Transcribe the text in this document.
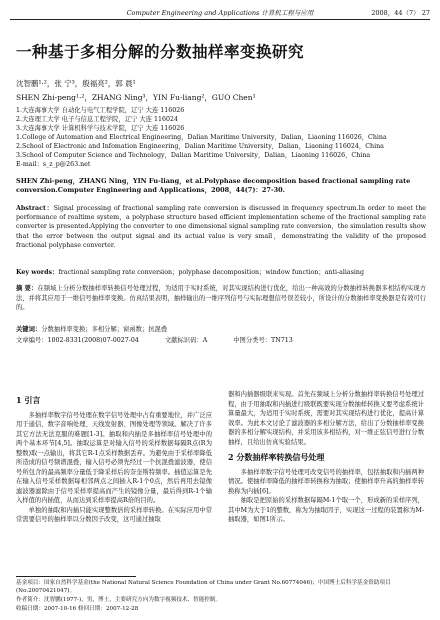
Computer Engineering and Applications 计算机工程与应用	2008，44（7） 27
一种基于多相分解的分数抽样率变换研究
沈智鹏¹·²，张 宁³，殷福亮²，郭 晨¹
SHEN Zhi-peng¹·²，ZHANG Ning³，YIN Fu-liang²，GUO Chen¹
1.大连海事大学 自动化与电气工程学院，辽宁 大连 116026
2.大连理工大学 电子与信息工程学院，辽宁 大连 116024
3.大连海事大学 计算机科学与技术学院，辽宁 大连 116026
1.College of Automation and Electrical Engineering，Dalian Maritime University，Dalian，Liaoning 116026，China
2.School of Electronic and Infomation Engineering，Dalian Maritime University，Dalian，Liaoning 116024，China
3.School of Computer Science and Technology，Dalian Maritime University，Dalian，Liaoning 116026，China
E-mail：s_z_p@263.net
SHEN Zhi-peng，ZHANG Ning，YIN Fu-liang，et al.Polyphase decomposition based fractional sampling rate conversion.Computer Engineering and Applications，2008，44(7)：27-30.
Abstract：Signal processing of fractional sampling rate conversion is discussed in frequency spectrum.In order to meet the performance of realtime system，a polyphase structure based efficient implementation scheme of the fractional sampling rate converter is presented.Applying the converter to one dimensional signal sampling rate conversion，the simulation results show that the error between the output signal and its actual value is very small，demonstrating the validity of the proposed fractional polyphase converter.
Key words：fractional sampling rate conversion；polyphase decomposition；window function；anti-aliasing
摘 要：在频域上分析分数抽样率转换信号处理过程，为适用于实时系统，对其实现结构进行优化，给出一种高效的分数抽样转换器多相结构实现方法，并将其应用于一维信号抽样率变换。仿真结果表明，抽样输出的一维序列信号与实际理想信号误差较小，所设计的分数抽样率变换器是有效可行的。
关键词：分数抽样率变换；多相分解；窗函数；抗混叠
文章编号：1002-8331(2008)07-0027-04	文献标识码：A	中图分类号：TN713
1 引言

多抽样率数字信号处理在数字信号处理中占有重要地位，并广泛应用于通信、数字音响处理、天线发射器、图像处理等领域。解决了许多其它方法无法克服的难题[1-3]。抽取和内插是多抽样率信号处理中的两个基本环节[4,5]。抽取运算是对输入信号的采样数据每隔R点(R为整数)取一点输出，将其它R-1点采样数据丢弃。为避免由于采样率降低所造成的信号频谱混叠，输入信号必须先经过一个抗混叠滤波器，使信号所包含的最高频率分量低于降采样后的奈奎斯特频率。插值运算是先在输入信号采样数据每相邻两点之间插入R-1个0点，然后再用去镜像滤波器滤除由于信号采样率提高而产生的镜像分量，最后得到R-1个输入样值的内插值，从而达到采样率提高R倍的目的。

单独的抽取和内插只能实现整数倍的采样率转换。在实际应用中常常需要信号的抽样率以分数因子改变，这可通过抽取

器和内插器级联来实现。首先在频域上分析分数抽样率转换信号处理过程，由于用抽取和内插进行级联既要实现分数抽样转换又要考虑系统计算量最大，为适用于实时系统，需要对其实现结构进行优化，提高计算效率。为此本文讨论了滤波器的多相分解方法，给出了分数抽样率变换器的多相分解实现结构，并采用该多相结构，对一维正弦信号进行分数抽样，且给出仿真实验结果。

2 分数抽样率转换信号处理

多抽样率数字信号处理可改变信号的抽样率，包括抽取和内插两种情况。使抽样率降低的抽样率转换称为抽取；使抽样率升高的抽样率转换称为内插[6]。

抽取是把原始的采样数据每隔M-1个取一个，形成新的采样序列，其中M为大于1的整数，称为为抽取因子，实现这一过程的装置称为M-抽取器，如图1所示。

基金项目：国家自然科学基金(the National Natural Science Foundation of China under Grant No.60774046)；中国博士后科学基金资助项目(No.20070421047)。
作者简介：沈智鹏(1977-)，男，博士，主要研究方向为数字视频技术、智能控制。
收稿日期：2007-10-16 修回日期：2007-12-28
